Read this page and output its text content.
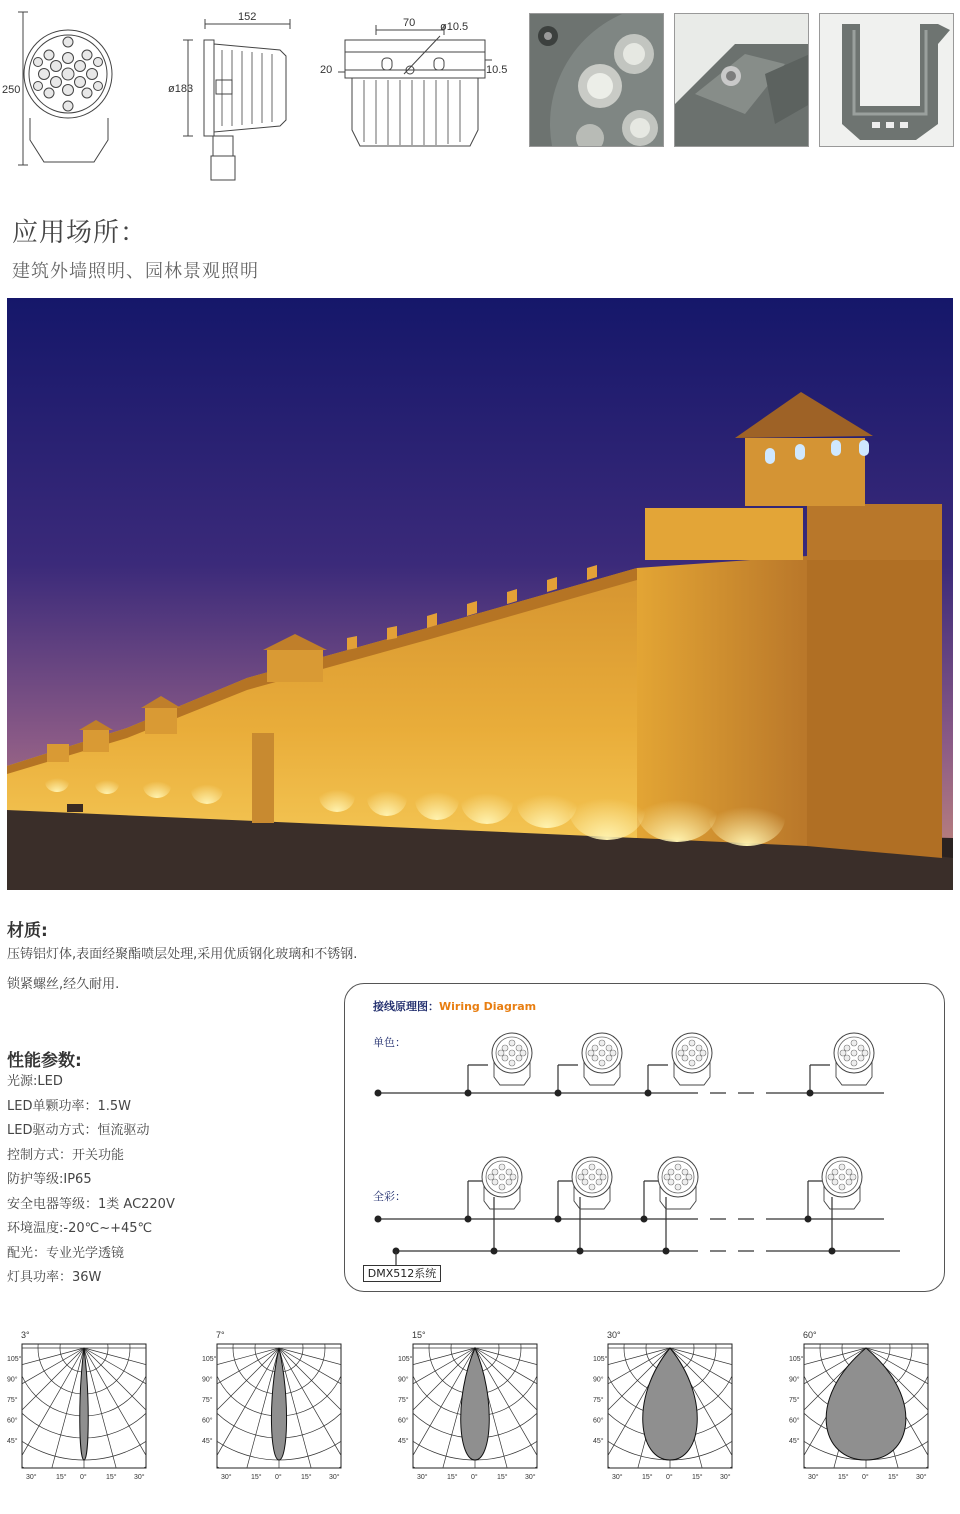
250
152
ø183
70 ø10.5
20	10.5
应用场所：
建筑外墙照明、园林景观照明
材质:
压铸铝灯体,表面经聚酯喷层处理,采用优质钢化玻璃和不锈钢.
锁紧螺丝,经久耐用.
性能参数:
光源:LED
LED单颗功率：1.5W
LED驱动方式：恒流驱动
控制方式：开关功能
防护等级:IP65
安全电器等级：1类 AC220V
环境温度:-20℃~+45℃
配光：专业光学透镜
灯具功率：36W
接线原理图：Wiring Diagram
单色：
全彩：
DMX512系统
3°
105°
90°
75°
60°
45°
30°	15° 0°	15° 30°
7°
105°
90°
75°
60°
45°
30°	15° 0°	15° 30°
15°
105°
90°
75°
60°
45°
30°	15° 0°	15° 30°
30°
105°
90°
75°
60°
45°
30°	15° 0°	15° 30°
60°
105°
90°
75°
60°
45°
30°	15° 0°	15° 30°
